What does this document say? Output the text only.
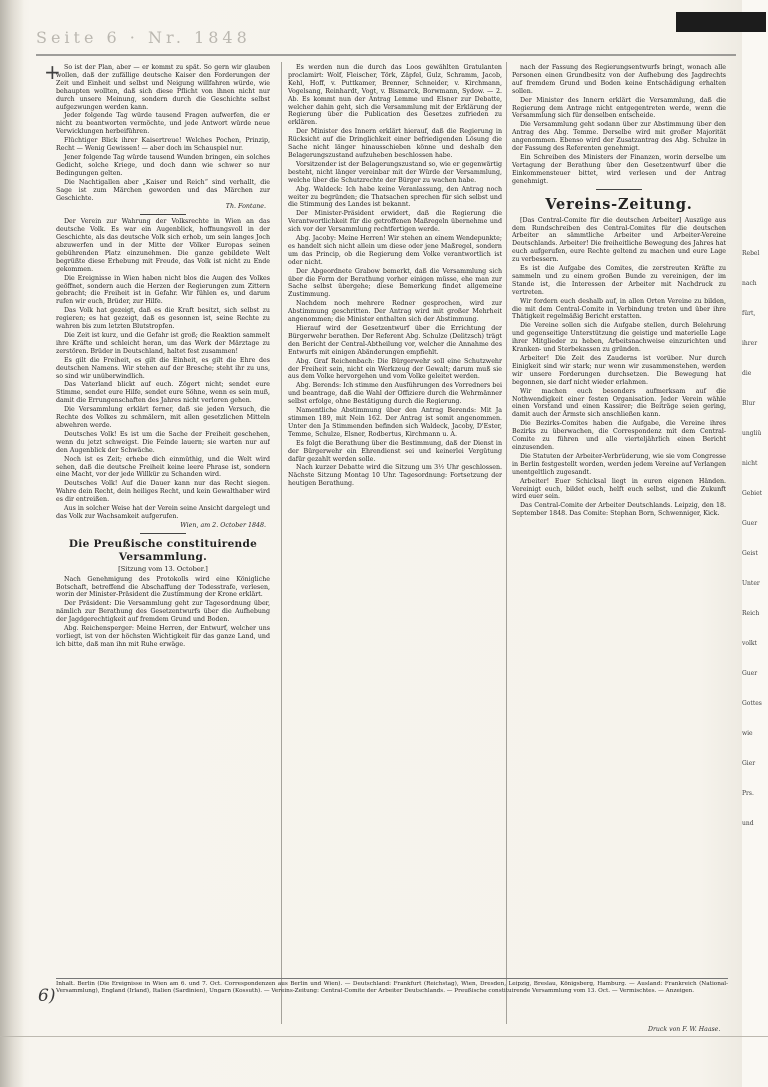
Seite 6 · Nr. 1848
+ So ist der Plan, aber — er kommt zu spät. So gern wir glauben wollen, daß der zufällige deutsche Kaiser den Forderungen der Zeit und Einheit und selbst und Neigung willfahren würde, wie behaupten wollten, daß sich diese Pflicht von ihnen nicht nur durch unsere Meinung, sondern durch die Geschichte selbst aufgezwungen werden kann.

Jeder folgende Tag würde tausend Fragen aufwerfen, die er nicht zu beantworten vermöchte, und jede Antwort würde neue Verwicklungen herbeiführen.

Flüchtiger Blick ihrer Kaisertreue! Welches Pochen, Prinzip, Recht — Wenig Gewissen! — aber doch im Schauspiel nur.

Jener folgende Tag würde tausend Wunden bringen, ein solches Gedicht, solche Kriege, und doch dann wie schwer so nur Bedingungen gelten.

Die Nachtigallen aber „Kaiser und Reich“ sind verhallt, die Sage ist zum Märchen geworden und das Märchen zur Geschichte.

Th. Fontane.

Der Verein zur Wahrung der Volksrechte in Wien an das deutsche Volk. Es war ein Augenblick, hoffnungsvoll in der Geschichte, als das deutsche Volk sich erhob, um sein langes Joch abzuwerfen und in der Mitte der Völker Europas seinen gebührenden Platz einzunehmen. Die ganze gebildete Welt begrüßte diese Erhebung mit Freude, das Volk ist nicht zu Ende gekommen.

Die Ereignisse in Wien haben nicht blos die Augen des Volkes geöffnet, sondern auch die Herzen der Regierungen zum Zittern gebracht; die Freiheit ist in Gefahr. Wir fühlen es, und darum rufen wir euch, Brüder, zur Hilfe.

Das Volk hat gezeigt, daß es die Kraft besitzt, sich selbst zu regieren; es hat gezeigt, daß es gesonnen ist, seine Rechte zu wahren bis zum letzten Blutstropfen.

Die Zeit ist kurz, und die Gefahr ist groß; die Reaktion sammelt ihre Kräfte und schleicht heran, um das Werk der Märztage zu zerstören. Brüder in Deutschland, haltet fest zusammen!

Es gilt die Freiheit, es gilt die Einheit, es gilt die Ehre des deutschen Namens. Wir stehen auf der Bresche; steht ihr zu uns, so sind wir unüberwindlich.

Das Vaterland blickt auf euch. Zögert nicht; sendet eure Stimme, sendet eure Hilfe, sendet eure Söhne, wenn es sein muß, damit die Errungenschaften des Jahres nicht verloren gehen.

Die Versammlung erklärt ferner, daß sie jeden Versuch, die Rechte des Volkes zu schmälern, mit allen gesetzlichen Mitteln abwehren werde.

Deutsches Volk! Es ist um die Sache der Freiheit geschehen, wenn du jetzt schweigst. Die Feinde lauern; sie warten nur auf den Augenblick der Schwäche.

Noch ist es Zeit; erhebe dich einmüthig, und die Welt wird sehen, daß die deutsche Freiheit keine leere Phrase ist, sondern eine Macht, vor der jede Willkür zu Schanden wird.

Deutsches Volk! Auf die Dauer kann nur das Recht siegen. Wahre dein Recht, dein heiliges Recht, und kein Gewalthaber wird es dir entreißen.

Aus in solcher Weise hat der Verein seine Ansicht dargelegt und das Volk zur Wachsamkeit aufgerufen.

Wien, am 2. October 1848.

Die Preußische constituirende Versammlung.

[Sitzung vom 13. October.]

Nach Genehmigung des Protokolls wird eine Königliche Botschaft, betreffend die Abschaffung der Todesstrafe, verlesen, worin der Minister-Präsident die Zustimmung der Krone erklärt.

Der Präsident: Die Versammlung geht zur Tagesordnung über, nämlich zur Berathung des Gesetzentwurfs über die Aufhebung der Jagdgerechtigkeit auf fremdem Grund und Boden.

Abg. Reichensperger: Meine Herren, der Entwurf, welcher uns vorliegt, ist von der höchsten Wichtigkeit für das ganze Land, und ich bitte, daß man ihn mit Ruhe erwäge.

Es werden nun die durch das Loos gewählten Gratulanten proclamirt: Wolf, Fleischer, Törk, Zäpfel, Gulz, Schramm, Jacob, Kehl, Hoff, v. Puttkamer, Brenner, Schneider, v. Kirchmann, Vogelsang, Reinhardt, Vogt, v. Bismarck, Borwmann, Sydow. — 2. Ab. Es kommt nun der Antrag Lemme und Elsner zur Debatte, welcher dahin geht, sich die Versammlung mit der Erklärung der Regierung über die Publication des Gesetzes zufrieden zu erklären.

Der Minister des Innern erklärt hierauf, daß die Regierung in Rücksicht auf die Dringlichkeit einer befriedigenden Lösung die Sache nicht länger hinausschieben könne und deshalb den Belagerungszustand aufzuheben beschlossen habe.

Vorsitzender ist der Belagerungszustand so, wie er gegenwärtig besteht, nicht länger vereinbar mit der Würde der Versammlung, welche über die Schutzrechte der Bürger zu wachen habe.

Abg. Waldeck: Ich habe keine Veranlassung, den Antrag noch weiter zu begründen; die Thatsachen sprechen für sich selbst und die Stimmung des Landes ist bekannt.

Der Minister-Präsident erwidert, daß die Regierung die Verantwortlichkeit für die getroffenen Maßregeln übernehme und sich vor der Versammlung rechtfertigen werde.

Abg. Jacoby: Meine Herren! Wir stehen an einem Wendepunkte; es handelt sich nicht allein um diese oder jene Maßregel, sondern um das Princip, ob die Regierung dem Volke verantwortlich ist oder nicht.

Der Abgeordnete Grabow bemerkt, daß die Versammlung sich über die Form der Berathung vorher einigen müsse, ehe man zur Sache selbst übergehe; diese Bemerkung findet allgemeine Zustimmung.

Nachdem noch mehrere Redner gesprochen, wird zur Abstimmung geschritten. Der Antrag wird mit großer Mehrheit angenommen; die Minister enthalten sich der Abstimmung.

Hierauf wird der Gesetzentwurf über die Errichtung der Bürgerwehr berathen. Der Referent Abg. Schulze (Delitzsch) trägt den Bericht der Central-Abtheilung vor, welcher die Annahme des Entwurfs mit einigen Abänderungen empfiehlt.

Abg. Graf Reichenbach: Die Bürgerwehr soll eine Schutzwehr der Freiheit sein, nicht ein Werkzeug der Gewalt; darum muß sie aus dem Volke hervorgehen und vom Volke geleitet werden.

Abg. Berends: Ich stimme den Ausführungen des Vorredners bei und beantrage, daß die Wahl der Offiziere durch die Wehrmänner selbst erfolge, ohne Bestätigung durch die Regierung.

Namentliche Abstimmung über den Antrag Berends: Mit Ja stimmen 189, mit Nein 162. Der Antrag ist somit angenommen. Unter den Ja Stimmenden befinden sich Waldeck, Jacoby, D'Ester, Temme, Schulze, Elsner, Rodbertus, Kirchmann u. A.

Es folgt die Berathung über die Bestimmung, daß der Dienst in der Bürgerwehr ein Ehrendienst sei und keinerlei Vergütung dafür gezahlt werden solle.

Nach kurzer Debatte wird die Sitzung um 3½ Uhr geschlossen. Nächste Sitzung Montag 10 Uhr. Tagesordnung: Fortsetzung der heutigen Berathung.

nach der Fassung des Regierungsentwurfs bringt, wonach alle Personen einen Grundbesitz von der Aufhebung des Jagdrechts auf fremdem Grund und Boden keine Entschädigung erhalten sollen.

Der Minister des Innern erklärt die Versammlung, daß die Regierung dem Antrage nicht entgegentreten werde, wenn die Versammlung sich für denselben entscheide.

Die Versammlung geht sodann über zur Abstimmung über den Antrag des Abg. Temme. Derselbe wird mit großer Majorität angenommen. Ebenso wird der Zusatzantrag des Abg. Schulze in der Fassung des Referenten genehmigt.

Ein Schreiben des Ministers der Finanzen, worin derselbe um Vertagung der Berathung über den Gesetzentwurf über die Einkommensteuer bittet, wird verlesen und der Antrag genehmigt.

Vereins-Zeitung.

[Das Central-Comite für die deutschen Arbeiter] Auszüge aus dem Rundschreiben des Central-Comites für die deutschen Arbeiter an sämmtliche Arbeiter und Arbeiter-Vereine Deutschlands. Arbeiter! Die freiheitliche Bewegung des Jahres hat euch aufgerufen, eure Rechte geltend zu machen und eure Lage zu verbessern.

Es ist die Aufgabe des Comites, die zerstreuten Kräfte zu sammeln und zu einem großen Bunde zu vereinigen, der im Stande ist, die Interessen der Arbeiter mit Nachdruck zu vertreten.

Wir fordern euch deshalb auf, in allen Orten Vereine zu bilden, die mit dem Central-Comite in Verbindung treten und über ihre Thätigkeit regelmäßig Bericht erstatten.

Die Vereine sollen sich die Aufgabe stellen, durch Belehrung und gegenseitige Unterstützung die geistige und materielle Lage ihrer Mitglieder zu heben, Arbeitsnachweise einzurichten und Kranken- und Sterbekassen zu gründen.

Arbeiter! Die Zeit des Zauderns ist vorüber. Nur durch Einigkeit sind wir stark; nur wenn wir zusammenstehen, werden wir unsere Forderungen durchsetzen. Die Bewegung hat begonnen, sie darf nicht wieder erlahmen.

Wir machen euch besonders aufmerksam auf die Nothwendigkeit einer festen Organisation. Jeder Verein wähle einen Vorstand und einen Kassirer; die Beiträge seien gering, damit auch der Ärmste sich anschließen kann.

Die Bezirks-Comites haben die Aufgabe, die Vereine ihres Bezirks zu überwachen, die Correspondenz mit dem Central-Comite zu führen und alle vierteljährlich einen Bericht einzusenden.

Die Statuten der Arbeiter-Verbrüderung, wie sie vom Congresse in Berlin festgestellt worden, werden jedem Vereine auf Verlangen unentgeltlich zugesandt.

Arbeiter! Euer Schicksal liegt in euren eigenen Händen. Vereinigt euch, bildet euch, helft euch selbst, und die Zukunft wird euer sein.

Das Central-Comite der Arbeiter Deutschlands. Leipzig, den 18. September 1848. Das Comite: Stephan Born, Schwenniger, Kick.

Rebel
nach
fürt,
ihrer
die
Blur
ungliü
nicht
Gebiet
Guer
Geist
Unter
Reich
volkt
Guer
Gottes
wie
Gier
Prs.
und
Inhalt. Berlin (Die Ereignisse in Wien am 6. und 7. Oct. Correspondenzen aus Berlin und Wien). — Deutschland: Frankfurt (Reichstag), Wien, Dresden, Leipzig, Breslau, Königsberg, Hamburg. — Ausland: Frankreich (National-Versammlung), England (Irland), Italien (Sardinien), Ungarn (Kossuth). — Vereins-Zeitung: Central-Comite der Arbeiter Deutschlands. — Preußische constituirende Versammlung vom 13. Oct. — Vermischtes. — Anzeigen.
6)
Druck von F. W. Haase.
